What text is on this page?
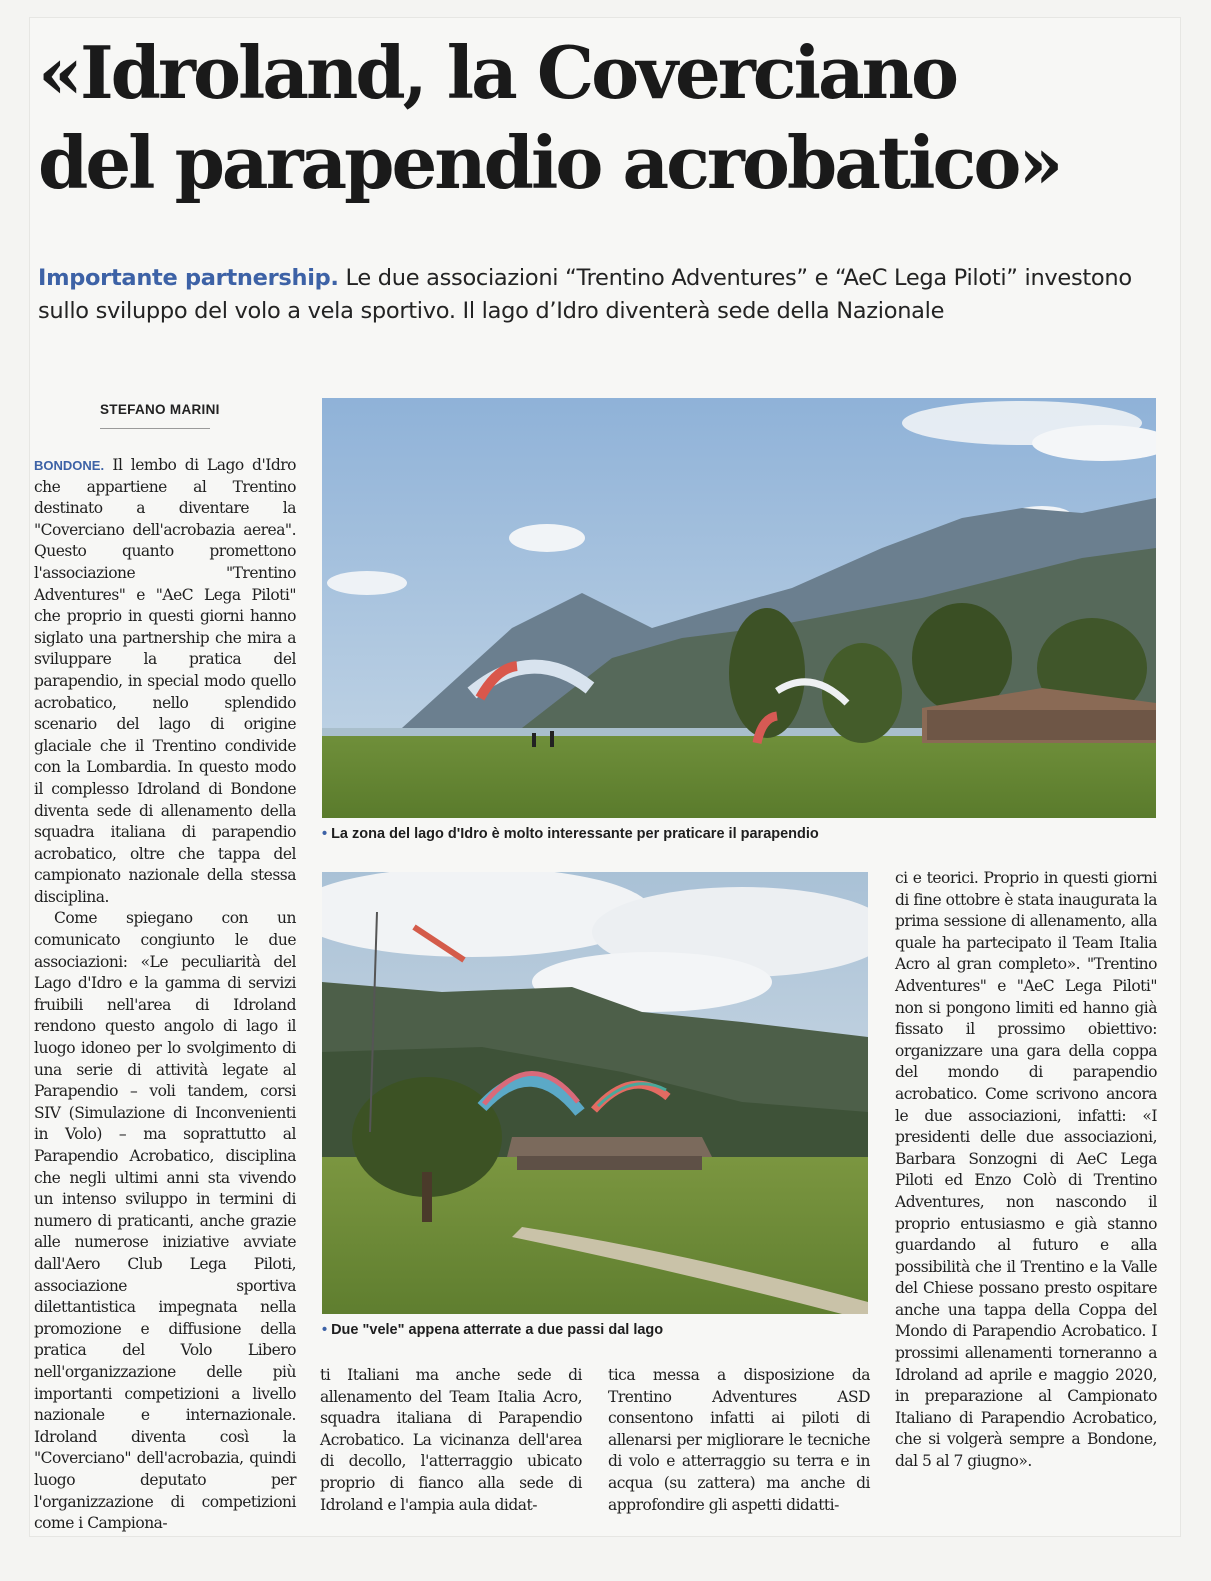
«Idroland, la Coverciano
del parapendio acrobatico»
Importante partnership. Le due associazioni “Trentino Adventures” e “AeC Lega Piloti” investono sullo sviluppo del volo a vela sportivo. Il lago d’Idro diventerà sede della Nazionale
STEFANO MARINI

BONDONE. Il lembo di Lago d'Idro che appartiene al Trentino destinato a diventare la "Coverciano dell'acrobazia aerea". Questo quanto promettono l'associazione "Trentino Adventures" e "AeC Lega Piloti" che proprio in questi giorni hanno siglato una partnership che mira a sviluppare la pratica del parapendio, in special modo quello acrobatico, nello splendido scenario del lago di origine glaciale che il Trentino condivide con la Lombardia. In questo modo il complesso Idroland di Bondone diventa sede di allenamento della squadra italiana di parapendio acrobatico, oltre che tappa del campionato nazionale della stessa disciplina.

Come spiegano con un comunicato congiunto le due associazioni: «Le peculiarità del Lago d'Idro e la gamma di servizi fruibili nell'area di Idroland rendono questo angolo di lago il luogo idoneo per lo svolgimento di una serie di attività legate al Parapendio – voli tandem, corsi SIV (Simulazione di Inconvenienti in Volo) – ma soprattutto al Parapendio Acrobatico, disciplina che negli ultimi anni sta vivendo un intenso sviluppo in termini di numero di praticanti, anche grazie alle numerose iniziative avviate dall'Aero Club Lega Piloti, associazione sportiva dilettantistica impegnata nella promozione e diffusione della pratica del Volo Libero nell'organizzazione delle più importanti competizioni a livello nazionale e internazionale. Idroland diventa così la "Coverciano" dell'acrobazia, quindi luogo deputato per l'organizzazione di competizioni come i Campiona-

• La zona del lago d'Idro è molto interessante per praticare il parapendio
• Due "vele" appena atterrate a due passi dal lago

ti Italiani ma anche sede di allenamento del Team Italia Acro, squadra italiana di Parapendio Acrobatico. La vicinanza dell'area di decollo, l'atterraggio ubicato proprio di fianco alla sede di Idroland e l'ampia aula didat-

tica messa a disposizione da Trentino Adventures ASD consentono infatti ai piloti di allenarsi per migliorare le tecniche di volo e atterraggio su terra e in acqua (su zattera) ma anche di approfondire gli aspetti didatti-

ci e teorici. Proprio in questi giorni di fine ottobre è stata inaugurata la prima sessione di allenamento, alla quale ha partecipato il Team Italia Acro al gran completo». "Trentino Adventures" e "AeC Lega Piloti" non si pongono limiti ed hanno già fissato il prossimo obiettivo: organizzare una gara della coppa del mondo di parapendio acrobatico. Come scrivono ancora le due associazioni, infatti: «I presidenti delle due associazioni, Barbara Sonzogni di AeC Lega Piloti ed Enzo Colò di Trentino Adventures, non nascondo il proprio entusiasmo e già stanno guardando al futuro e alla possibilità che il Trentino e la Valle del Chiese possano presto ospitare anche una tappa della Coppa del Mondo di Parapendio Acrobatico. I prossimi allenamenti torneranno a Idroland ad aprile e maggio 2020, in preparazione al Campionato Italiano di Parapendio Acrobatico, che si volgerà sempre a Bondone, dal 5 al 7 giugno».
